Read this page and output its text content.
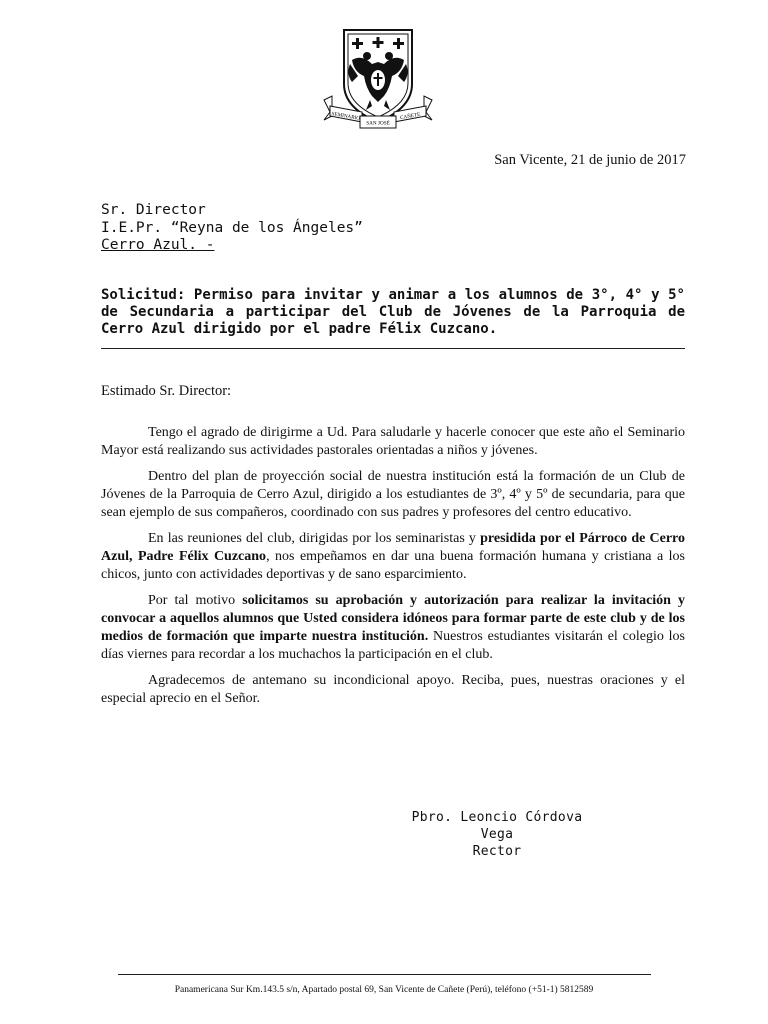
SEMINARIO	CAÑETE
SAN JOSÉ
San Vicente, 21 de junio de 2017
Sr. Director
I.E.Pr. “Reyna de los Ángeles”
Cerro Azul. -
Solicitud: Permiso para invitar y animar a los alumnos de 3°, 4° y 5° de Secundaria a participar del Club de Jóvenes de la Parroquia de Cerro Azul dirigido por el padre Félix Cuzcano.
Estimado Sr. Director:

Tengo el agrado de dirigirme a Ud. Para saludarle y hacerle conocer que este año el Seminario Mayor está realizando sus actividades pastorales orientadas a niños y jóvenes.

Dentro del plan de proyección social de nuestra institución está la formación de un Club de Jóvenes de la Parroquia de Cerro Azul, dirigido a los estudiantes de 3º, 4º y 5º de secundaria, para que sean ejemplo de sus compañeros, coordinado con sus padres y profesores del centro educativo.

En las reuniones del club, dirigidas por los seminaristas y presidida por el Párroco de Cerro Azul, Padre Félix Cuzcano, nos empeñamos en dar una buena formación humana y cristiana a los chicos, junto con actividades deportivas y de sano esparcimiento.

Por tal motivo solicitamos su aprobación y autorización para realizar la invitación y convocar a aquellos alumnos que Usted considera idóneos para formar parte de este club y de los medios de formación que imparte nuestra institución. Nuestros estudiantes visitarán el colegio los días viernes para recordar a los muchachos la participación en el club.

Agradecemos de antemano su incondicional apoyo. Reciba, pues, nuestras oraciones y el especial aprecio en el Señor.

Pbro. Leoncio Córdova Vega
Rector
Panamericana Sur Km.143.5 s/n, Apartado postal 69, San Vicente de Cañete (Perú), teléfono (+51-1) 5812589
